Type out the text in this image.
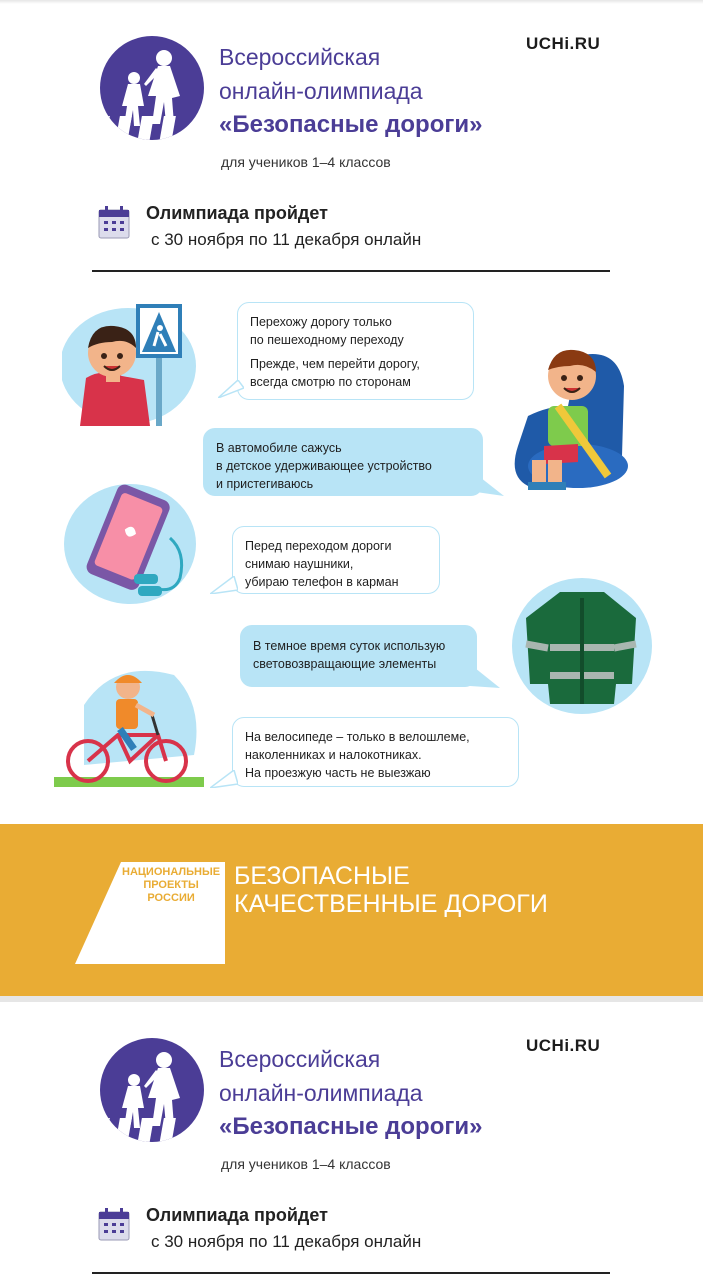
Всероссийская
онлайн-олимпиада
«Безопасные дороги»
для учеников 1–4 классов
UCHi.RU
Олимпиада пройдет
с 30 ноября по 11 декабря онлайн

Перехожу дорогу только

по пешеходному переходу

Прежде, чем перейти дорогу,

всегда смотрю по сторонам

В автомобиле сажусь

в детское удерживающее устройство

и пристегиваюсь

Перед переходом дороги

снимаю наушники,

убираю телефон в карман

В темное время суток использую

световозвращающие элементы

На велосипеде – только в велошлеме,

наколенниках и налокотниках.

На проезжую часть не выезжаю

НАЦИОНАЛЬНЫЕ
ПРОЕКТЫ
РОССИИ
БЕЗОПАСНЫЕ
КАЧЕСТВЕННЫЕ ДОРОГИ
Всероссийская
онлайн-олимпиада
«Безопасные дороги»
для учеников 1–4 классов
UCHi.RU
Олимпиада пройдет
с 30 ноября по 11 декабря онлайн
